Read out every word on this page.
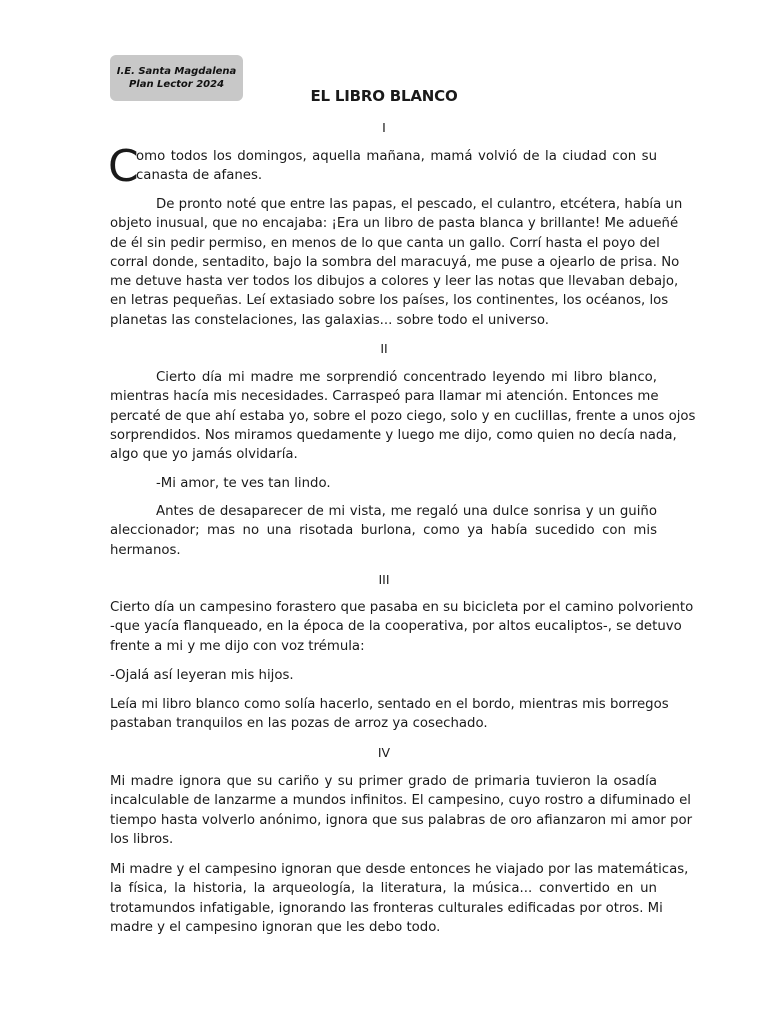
I.E. Santa Magdalena
Plan Lector 2024
EL LIBRO BLANCO
I
C
omo todos los domingos, aquella mañana, mamá volvió de la ciudad con su
canasta de afanes.
De pronto noté que entre las papas, el pescado, el culantro, etcétera, había un
objeto inusual, que no encajaba: ¡Era un libro de pasta blanca y brillante! Me adueñé
de él sin pedir permiso, en menos de lo que canta un gallo. Corrí hasta el poyo del
corral donde, sentadito, bajo la sombra del maracuyá, me puse a ojearlo de prisa. No
me detuve hasta ver todos los dibujos a colores y leer las notas que llevaban debajo,
en letras pequeñas. Leí extasiado sobre los países, los continentes, los océanos, los
planetas las constelaciones, las galaxias... sobre todo el universo.
II
Cierto día mi madre me sorprendió concentrado leyendo mi libro blanco,
mientras hacía mis necesidades. Carraspeó para llamar mi atención. Entonces me
percaté de que ahí estaba yo, sobre el pozo ciego, solo y en cuclillas, frente a unos ojos
sorprendidos. Nos miramos quedamente y luego me dijo, como quien no decía nada,
algo que yo jamás olvidaría.
-Mi amor, te ves tan lindo.
Antes de desaparecer de mi vista, me regaló una dulce sonrisa y un guiño
aleccionador; mas no una risotada burlona, como ya había sucedido con mis
hermanos.
III
Cierto día un campesino forastero que pasaba en su bicicleta por el camino polvoriento
-que yacía flanqueado, en la época de la cooperativa, por altos eucaliptos-, se detuvo
frente a mi y me dijo con voz trémula:
-Ojalá así leyeran mis hijos.
Leía mi libro blanco como solía hacerlo, sentado en el bordo, mientras mis borregos
pastaban tranquilos en las pozas de arroz ya cosechado.
IV
Mi madre ignora que su cariño y su primer grado de primaria tuvieron la osadía
incalculable de lanzarme a mundos infinitos. El campesino, cuyo rostro a difuminado el
tiempo hasta volverlo anónimo, ignora que sus palabras de oro afianzaron mi amor por
los libros.
Mi madre y el campesino ignoran que desde entonces he viajado por las matemáticas,
la física, la historia, la arqueología, la literatura, la música... convertido en un
trotamundos infatigable, ignorando las fronteras culturales edificadas por otros. Mi
madre y el campesino ignoran que les debo todo.
